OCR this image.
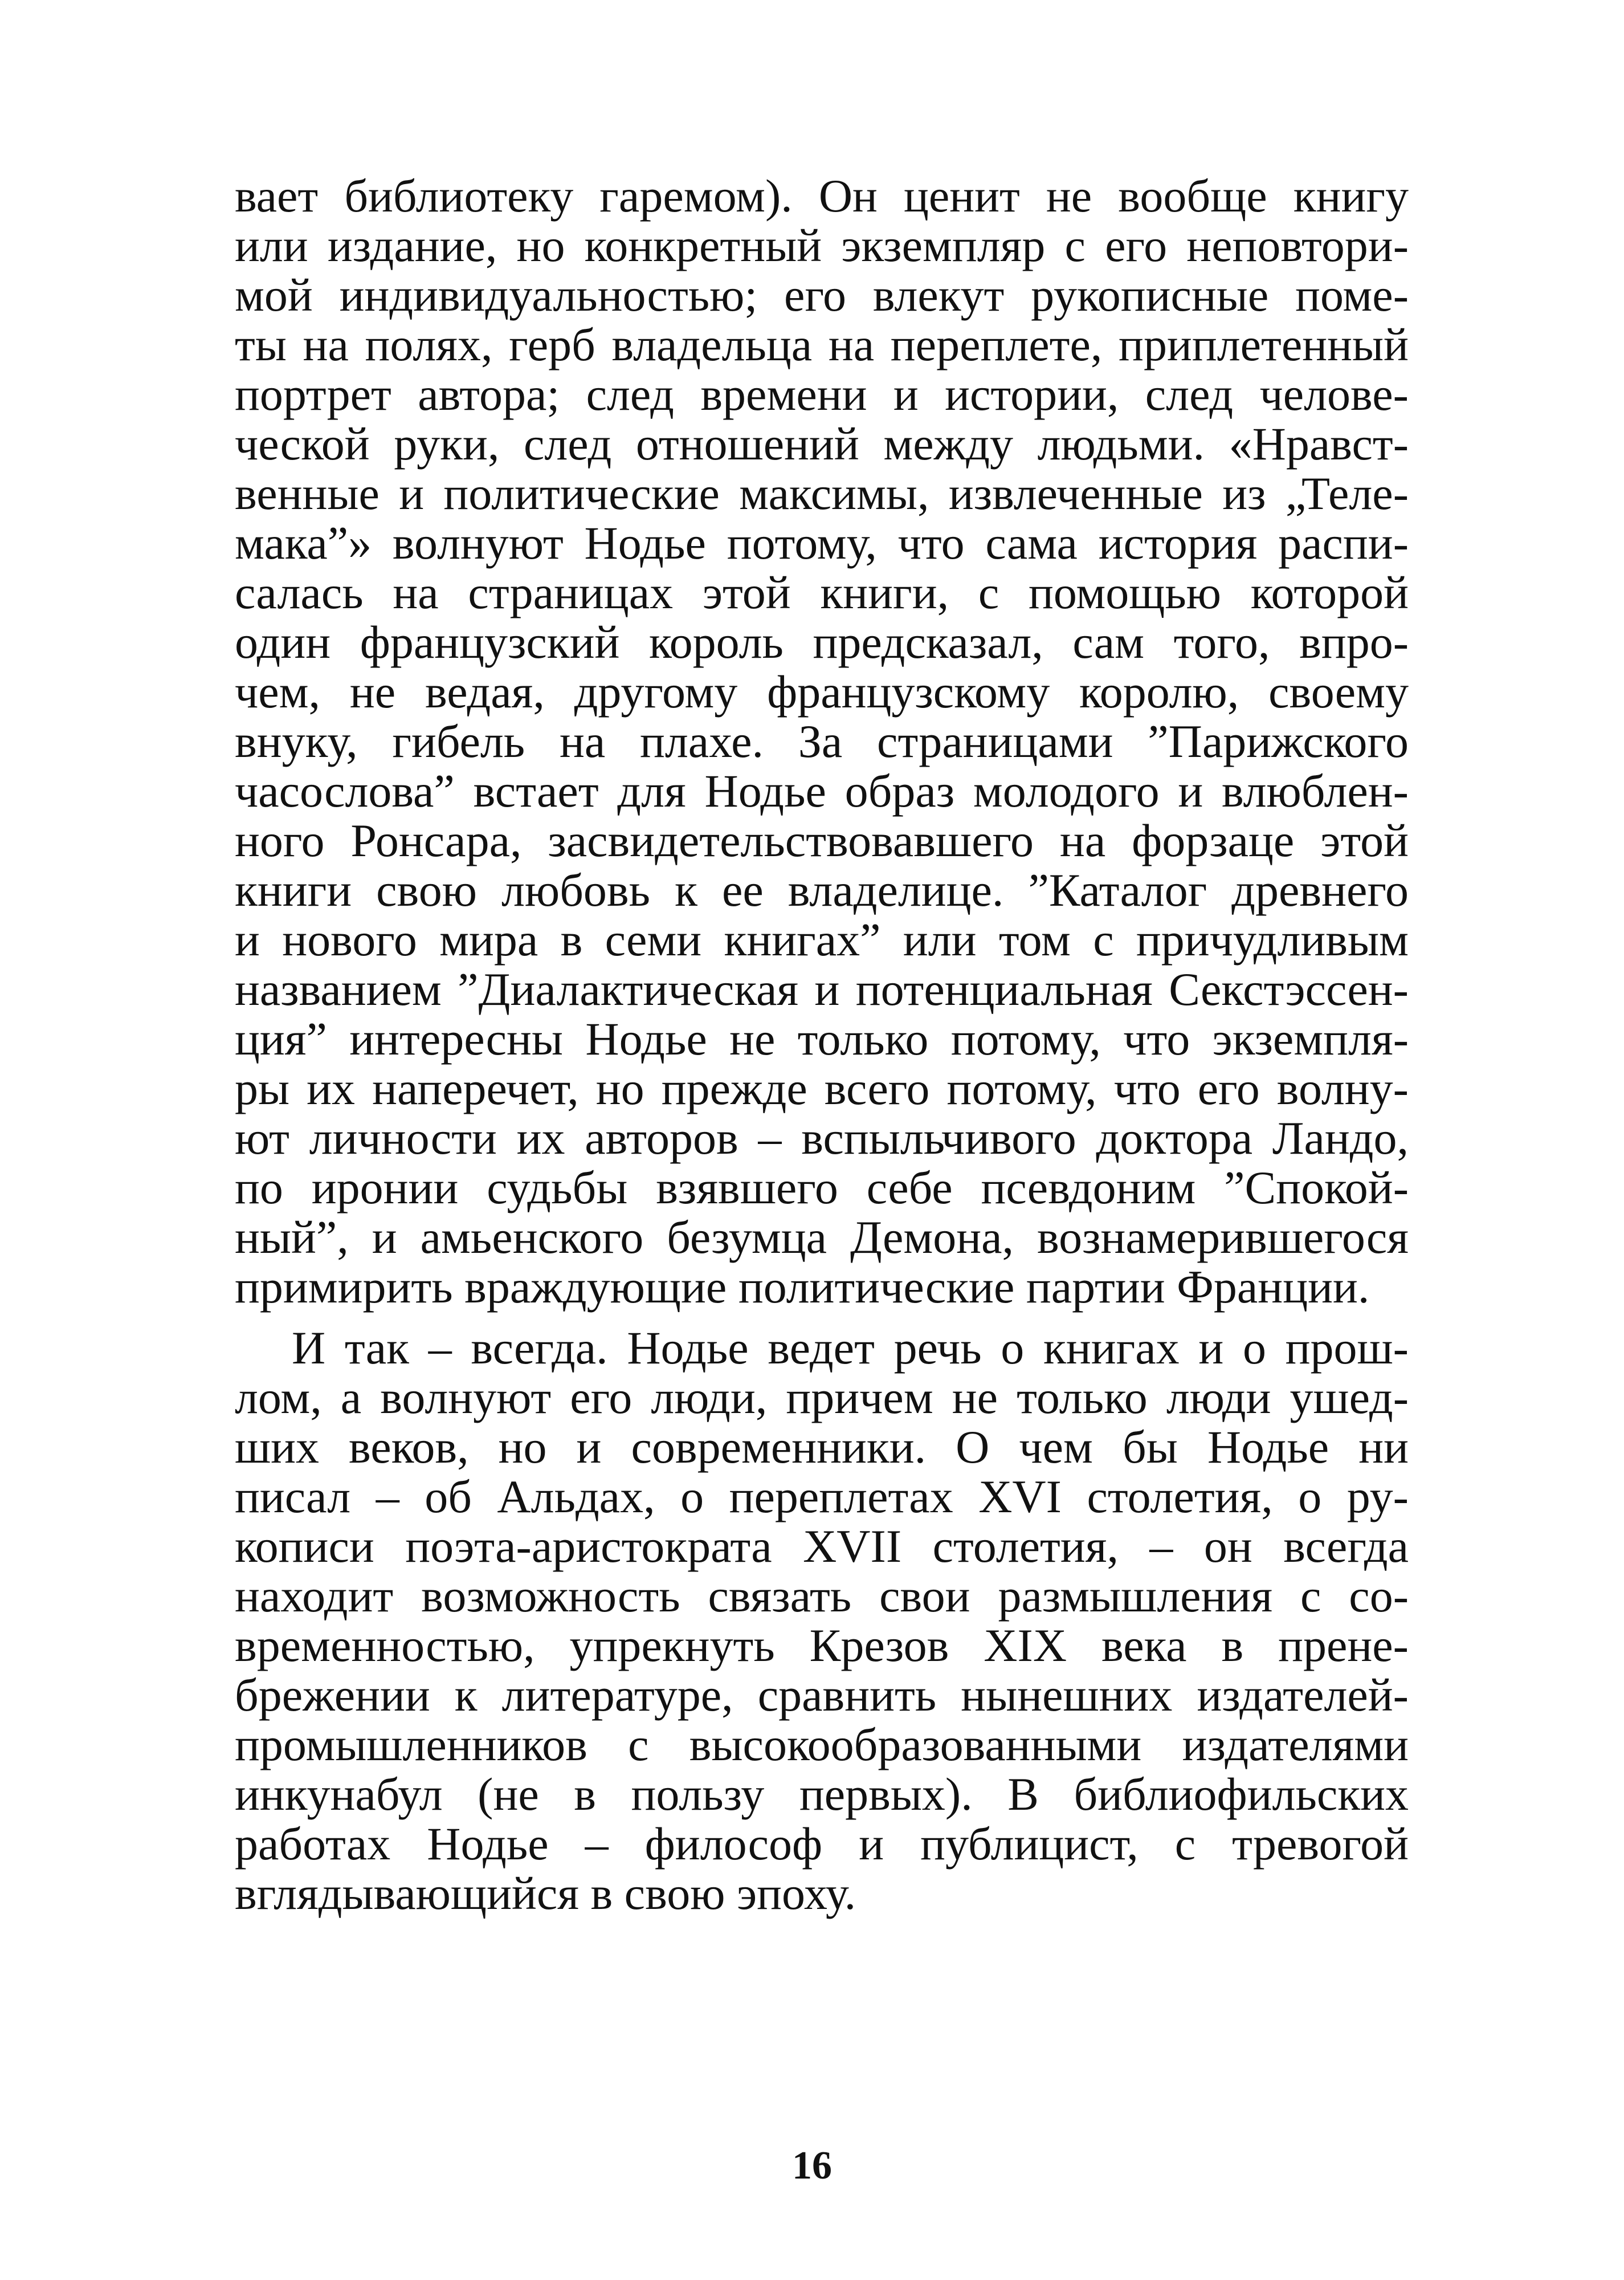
вает библиотеку гаремом). Он ценит не вообще книгу
или издание, но конкретный экземпляр с его неповтори-
мой индивидуальностью; его влекут рукописные поме-
ты на полях, герб владельца на переплете, приплетенный
портрет автора; след времени и истории, след челове-
ческой руки, след отношений между людьми. «Нравст-
венные и политические максимы, извлеченные из „Теле-
мака”» волнуют Нодье потому, что сама история распи-
салась на страницах этой книги, с помощью которой
один французский король предсказал, сам того, впро-
чем, не ведая, другому французскому королю, своему
внуку, гибель на плахе. За страницами ”Парижского
часослова” встает для Нодье образ молодого и влюблен-
ного Ронсара, засвидетельствовавшего на форзаце этой
книги свою любовь к ее владелице. ”Каталог древнего
и нового мира в семи книгах” или том с причудливым
названием ”Диалактическая и потенциальная Секстэссен-
ция” интересны Нодье не только потому, что экземпля-
ры их наперечет, но прежде всего потому, что его волну-
ют личности их авторов – вспыльчивого доктора Ландо,
по иронии судьбы взявшего себе псевдоним ”Спокой-
ный”, и амьенского безумца Демона, вознамерившегося
примирить враждующие политические партии Франции.
И так – всегда. Нодье ведет речь о книгах и о прош-
лом, а волнуют его люди, причем не только люди ушед-
ших веков, но и современники. О чем бы Нодье ни
писал – об Альдах, о переплетах XVI столетия, о ру-
кописи поэта-аристократа XVII столетия, – он всегда
находит возможность связать свои размышления с со-
временностью, упрекнуть Крезов XIX века в прене-
брежении к литературе, сравнить нынешних издателей-
промышленников с высокообразованными издателями
инкунабул (не в пользу первых). В библиофильских
работах Нодье – философ и публицист, с тревогой
вглядывающийся в свою эпоху.
16
